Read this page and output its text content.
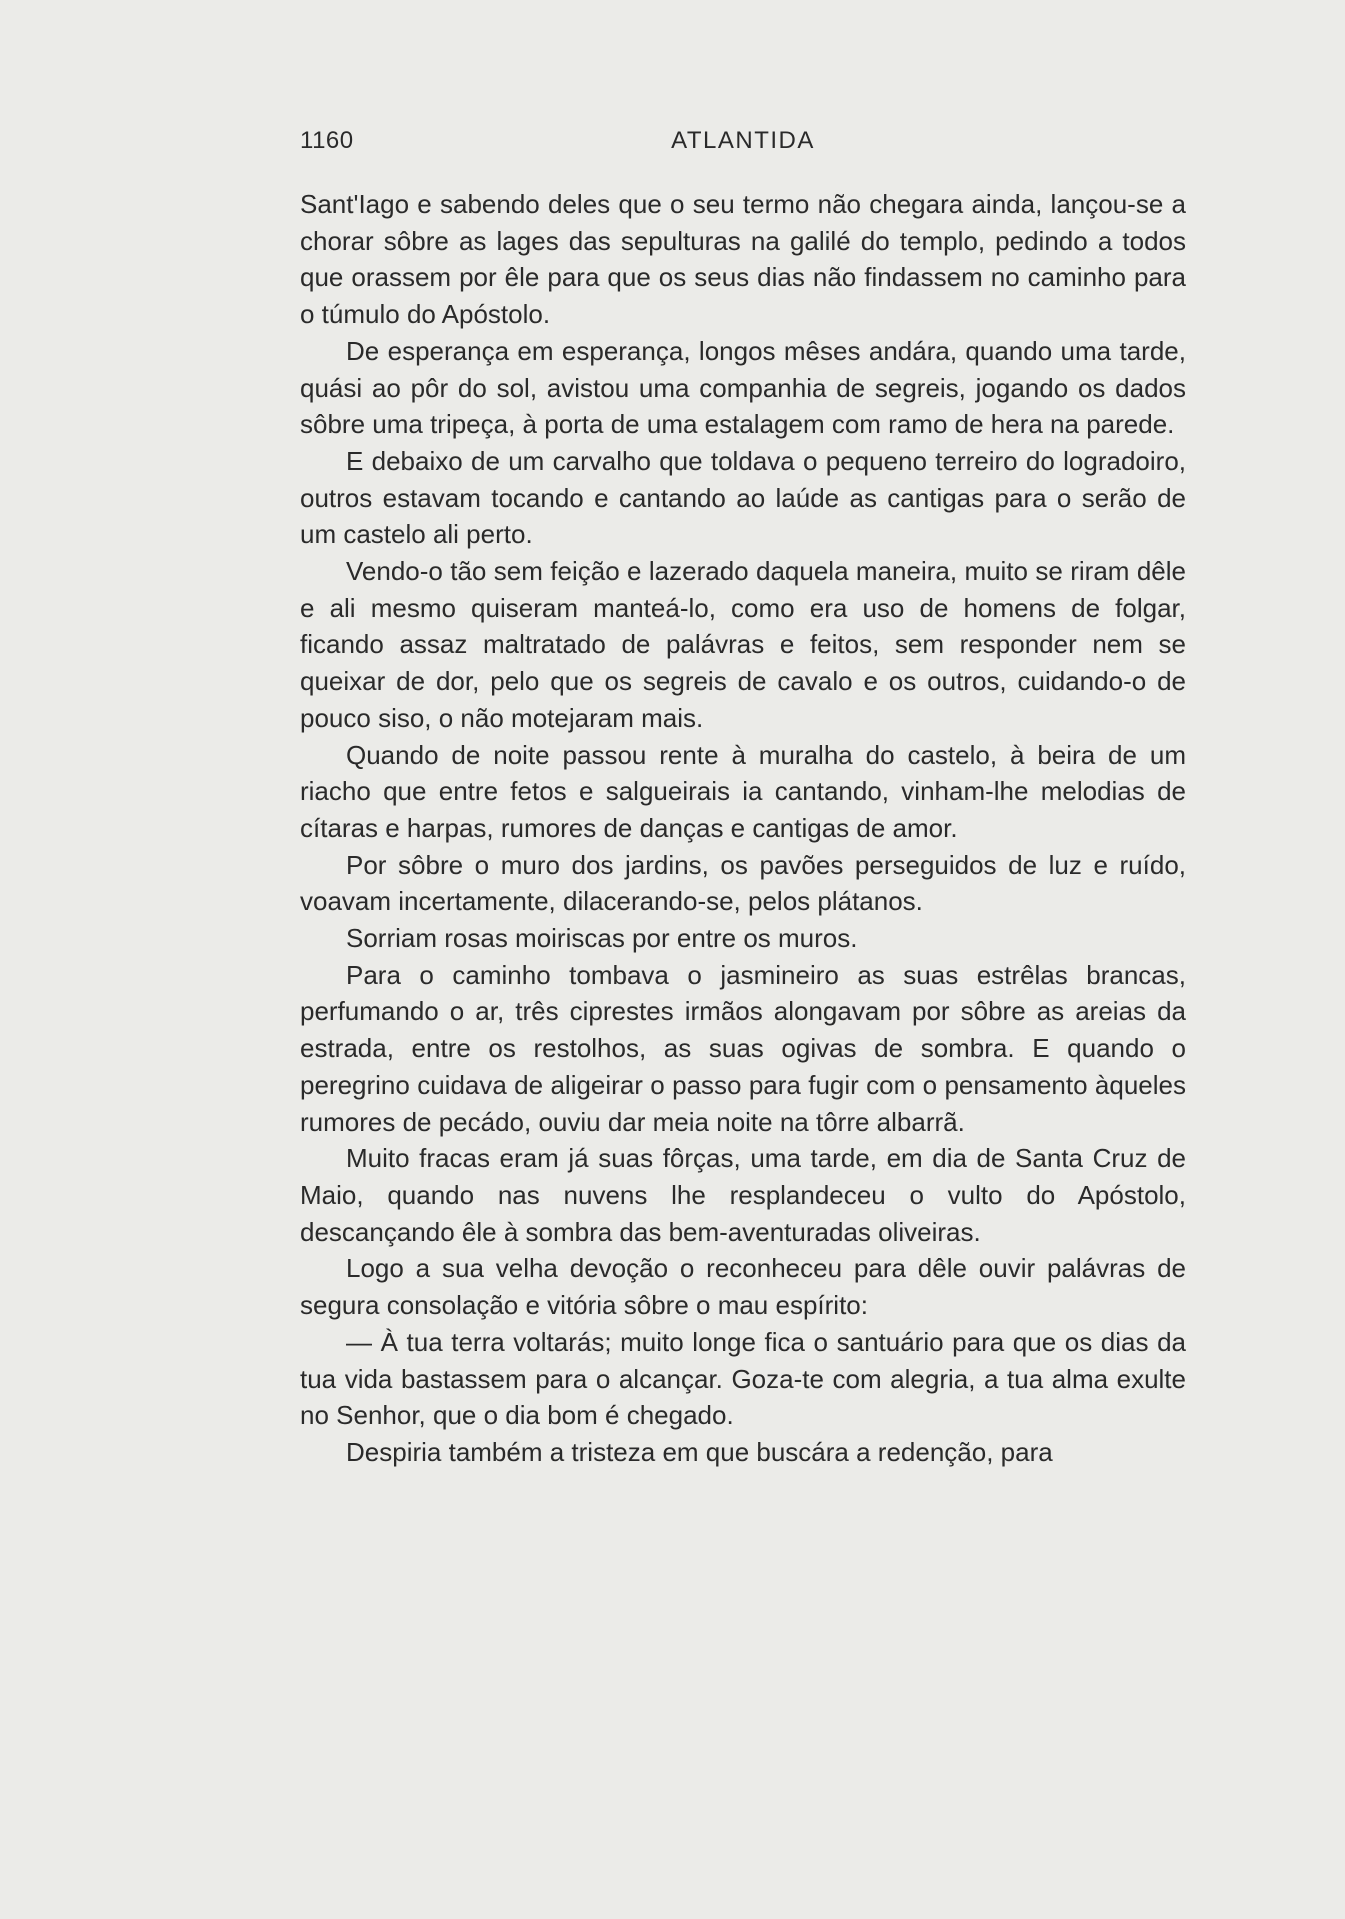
1160	ATLANTIDA

Sant'Iago e sabendo deles que o seu termo não chegara ainda, lançou-se a chorar sôbre as lages das sepulturas na galilé do templo, pedindo a todos que orassem por êle para que os seus dias não findassem no caminho para o túmulo do Apóstolo.

De esperança em esperança, longos mêses andára, quando uma tarde, quási ao pôr do sol, avistou uma companhia de segreis, jogando os dados sôbre uma tripeça, à porta de uma estalagem com ramo de hera na parede.

E debaixo de um carvalho que toldava o pequeno terreiro do logradoiro, outros estavam tocando e cantando ao laúde as cantigas para o serão de um castelo ali perto.

Vendo-o tão sem feição e lazerado daquela maneira, muito se riram dêle e ali mesmo quiseram manteá-lo, como era uso de homens de folgar, ficando assaz maltratado de palávras e feitos, sem responder nem se queixar de dor, pelo que os segreis de cavalo e os outros, cuidando-o de pouco siso, o não motejaram mais.

Quando de noite passou rente à muralha do castelo, à beira de um riacho que entre fetos e salgueirais ia cantando, vinham-lhe melodias de cítaras e harpas, rumores de danças e cantigas de amor.

Por sôbre o muro dos jardins, os pavões perseguidos de luz e ruído, voavam incertamente, dilacerando-se, pelos plátanos.

Sorriam rosas moiriscas por entre os muros.

Para o caminho tombava o jasmineiro as suas estrêlas brancas, perfumando o ar, três ciprestes irmãos alongavam por sôbre as areias da estrada, entre os restolhos, as suas ogivas de sombra. E quando o peregrino cuidava de aligeirar o passo para fugir com o pensamento àqueles rumores de pecádo, ouviu dar meia noite na tôrre albarrã.

Muito fracas eram já suas fôrças, uma tarde, em dia de Santa Cruz de Maio, quando nas nuvens lhe resplandeceu o vulto do Apóstolo, descançando êle à sombra das bem-aventuradas oliveiras.

Logo a sua velha devoção o reconheceu para dêle ouvir palávras de segura consolação e vitória sôbre o mau espírito:

— À tua terra voltarás; muito longe fica o santuário para que os dias da tua vida bastassem para o alcançar. Goza-te com alegria, a tua alma exulte no Senhor, que o dia bom é chegado.

Despiria também a tristeza em que buscára a redenção, para
